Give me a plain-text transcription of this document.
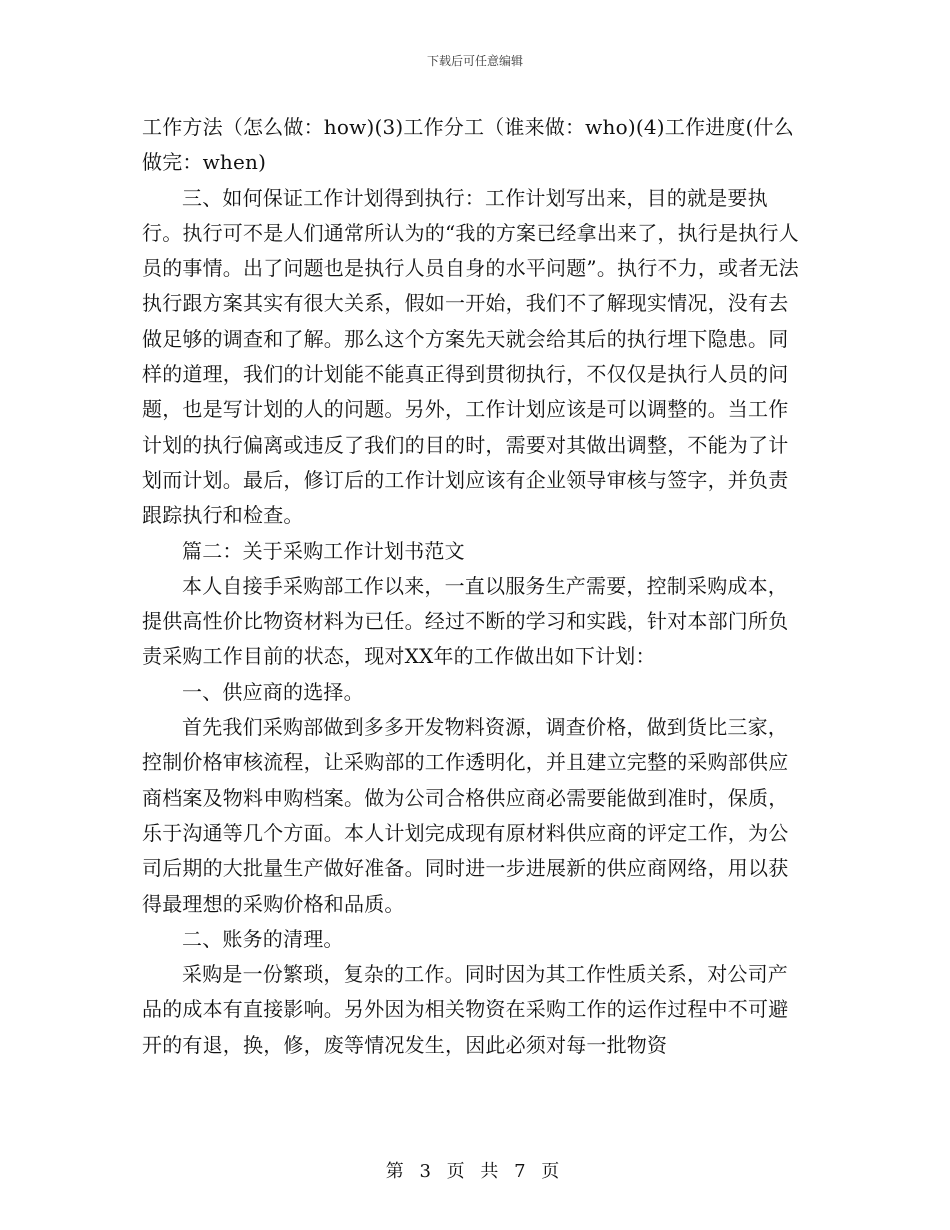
下载后可任意编辑

工作方法（怎么做：how)(3)工作分工（谁来做：who)(4)工作进度(什么做完：when)

三、如何保证工作计划得到执行：工作计划写出来，目的就是要执行。执行可不是人们通常所认为的“我的方案已经拿出来了，执行是执行人员的事情。出了问题也是执行人员自身的水平问题”。执行不力，或者无法执行跟方案其实有很大关系，假如一开始，我们不了解现实情况，没有去做足够的调查和了解。那么这个方案先天就会给其后的执行埋下隐患。同样的道理，我们的计划能不能真正得到贯彻执行，不仅仅是执行人员的问题，也是写计划的人的问题。另外，工作计划应该是可以调整的。当工作计划的执行偏离或违反了我们的目的时，需要对其做出调整，不能为了计划而计划。最后，修订后的工作计划应该有企业领导审核与签字，并负责跟踪执行和检查。

篇二：关于采购工作计划书范文

本人自接手采购部工作以来，一直以服务生产需要，控制采购成本，提供高性价比物资材料为已任。经过不断的学习和实践，针对本部门所负责采购工作目前的状态，现对XX年的工作做出如下计划：

一、供应商的选择。

首先我们采购部做到多多开发物料资源，调查价格，做到货比三家，控制价格审核流程，让采购部的工作透明化，并且建立完整的采购部供应商档案及物料申购档案。做为公司合格供应商必需要能做到准时，保质，乐于沟通等几个方面。本人计划完成现有原材料供应商的评定工作，为公司后期的大批量生产做好准备。同时进一步进展新的供应商网络，用以获得最理想的采购价格和品质。

二、账务的清理。

采购是一份繁琐，复杂的工作。同时因为其工作性质关系，对公司产品的成本有直接影响。另外因为相关物资在采购工作的运作过程中不可避开的有退，换，修，废等情况发生，因此必须对每一批物资

第 3 页 共 7 页
